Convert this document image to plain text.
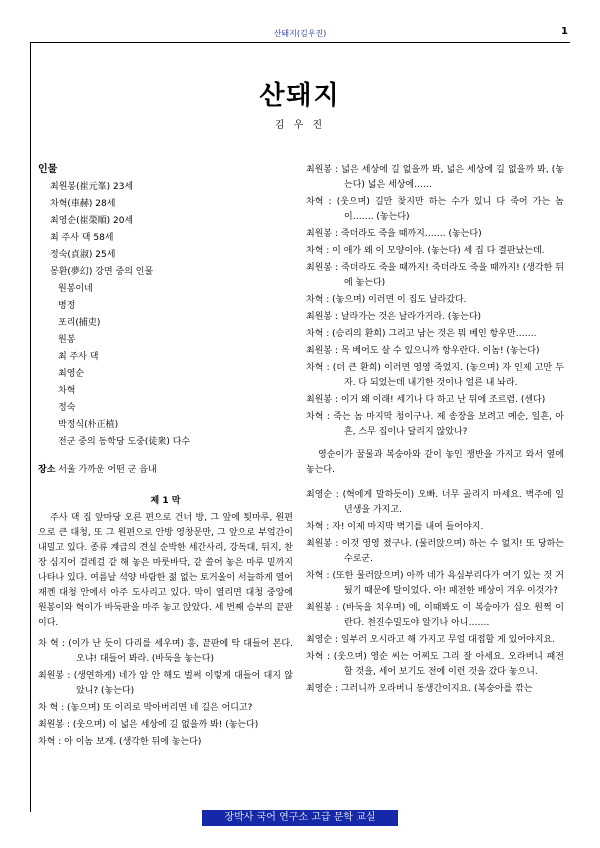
산돼지(김우진)	1
산돼지
김 우 진
인물
최원봉(崔元峯) 23세
차혁(車赫) 28세
최영순(崔榮順) 20세
최 주사 댁 58세
정숙(貞淑) 25세
몽환(夢幻) 강면 중의 인물
원봉이네
병정
포리(捕吏)
원봉
최 주사 댁
최영순
차혁
정숙
박정식(朴正植)
전군 중의 동학당 도중(徒衆) 다수
장소 서울 가까운 어떤 군 읍내
제 1 막

주사 댁 집 앞마당 오른 편으로 건너 방, 그 앞에 툇마루, 원편으로 큰 대청, 또 그 원편으로 안방 영창문만, 그 앞으로 부엌간이 내밀고 있다. 종류 계급의 견실 순박한 세간사리, 강독대, 뒤지, 찬장 심지어 걸레걸 같 해 놓은 마룻바닥, 같 쓸어 놓은 마루 밑까지 나타나 있다. 여름날 석양 바람한 젊 없는 토거울이 서늘하게 열어 재껜 대청 안에서 아주 도사리고 있다. 막이 열리면 대청 중앙에 원봉이와 혁이가 바둑판을 마주 놓고 앉았다. 세 번째 승부의 끝판이다.

차 혁 : (이가 난 듯이 다리를 세우며) 흥, 끝판에 탁 대들어 본다. 오냐! 대들어 봐라. (바둑을 놓는다)

최원봉 : (생연하게) 네가 암 안 해도 벌써 이렇게 대들어 대지 않았니? (놓는다)

차 혁 : (놓으며) 또 이리로 막아버리면 네 길은 어디고?

최원봉 : (웃으며) 이 넓은 세상에 길 없을까 봐! (놓는다)

차혁 : 아 이놈 보게. (생각한 뒤에 놓는다)

최원봉 : 넓은 세상에 길 없을까 봐, 넓은 세상에 길 없을까 봐, (놓는다) 넓은 세상에……

차혁 : (웃으며) 길만 찾지만 하는 수가 있니 다 죽어 가는 놈이……. (놓는다)

최원봉 : 죽더라도 죽을 때까지……. (놓는다)

차혁 : 이 애가 왜 이 모양이야. (놓는다) 세 집 다 결판났는데.

최원봉 : 죽더라도 죽을 때까지! 죽더라도 죽을 때까지! (생각한 뒤에 놓는다)

차혁 : (놓으며) 이러면 이 집도 날라갔다.

최원봉 : 날라가는 것은 날라가거라. (놓는다)

차혁 : (승리의 환희) 그리고 남는 것은 뭐 베인 항우만…….

최원봉 : 목 베어도 살 수 있으니까 항우란다. 이놈! (놓는다)

차혁 : (더 큰 환희) 이러면 영영 죽었지. (놓으며) 자 인제 고만 두자. 다 되었는데 내기한 것이나 얼른 내 놔라.

최원봉 : 이거 왜 이래! 세기나 다 하고 난 뒤에 조르렴. (센다)

차혁 : 죽는 놈 마지막 청이구나. 제 송장을 보려고 예순, 일흔, 아흔, 스무 집이나 달리지 않았나?

영순이가 꿀물과 복숭아와 같이 놓인 쟁반을 가지고 와서 옆에 놓는다.

최영순 : (혁에게 말하듯이) 오빠. 너무 골리지 마세요. 벽주에 일년생을 가지고.

차혁 : 자! 이제 마지막 벽기를 내여 들어야지.

최원봉 : 이것 영영 졌구나. (물러앉으며) 하는 수 없지! 또 당하는 수로군.

차혁 : (또한 물러앉으며) 아까 네가 욕심부리다가 여기 있는 것 거뒀기 때문에 탈이었다. 아! 패전한 배상이 겨우 이것가?

최원봉 : (바둑을 치우며) 에, 이때봐도 이 복숭아가 십오 원쩍 이란다. 천진수밀도야 알기나 아니…….

최영순 : 일부러 오시라고 해 가지고 무얼 대접할 게 있어야지요.

차혁 : (웃으며) 영순 씨는 어찌도 그리 잘 아세요. 오라버니 패전할 것을, 세어 보기도 전에 이런 것을 갔다 놓으니.

최영순 : 그러니까 오라버니 동생간이지요. (복숭아를 깎는

장박사 국어 연구소 고급 문학 교실
